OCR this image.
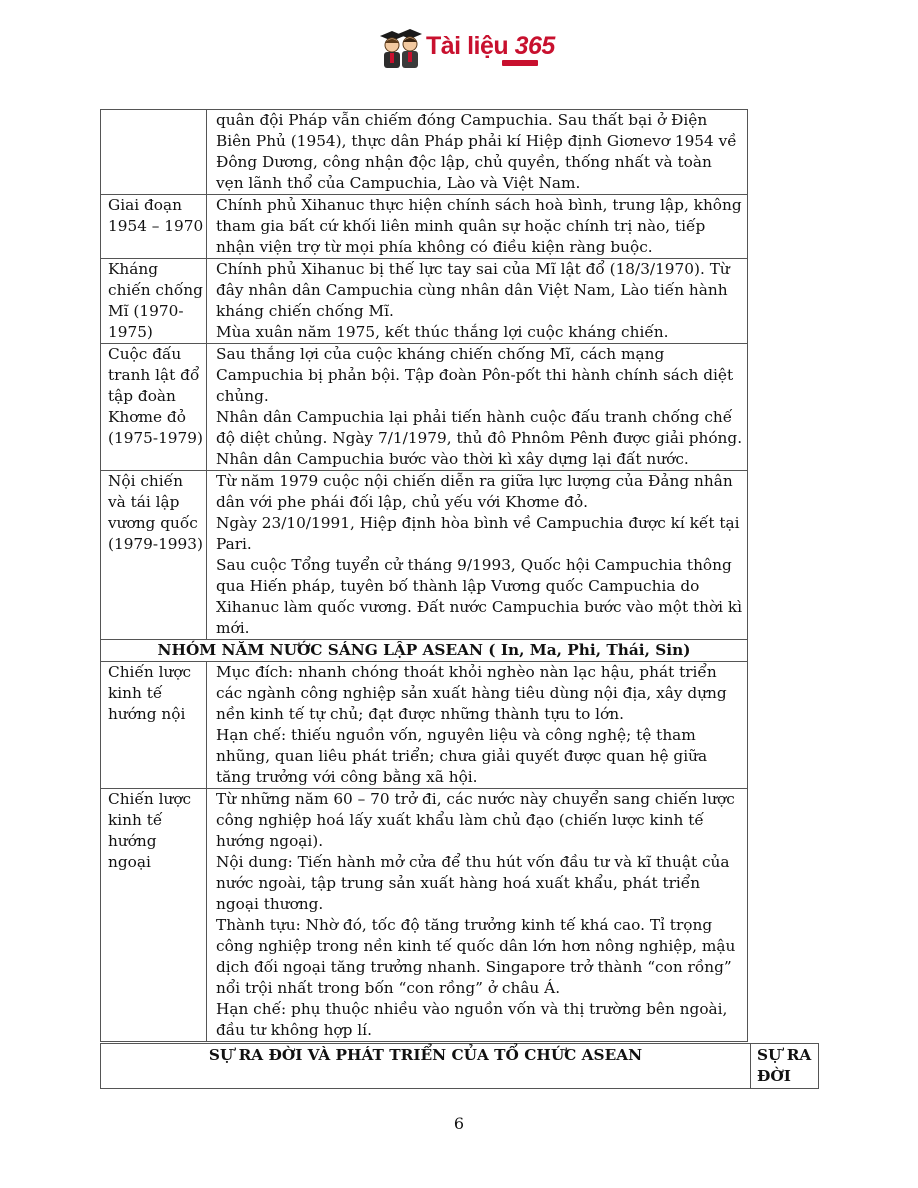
Tài liệu 365

	quân đội Pháp vẫn chiếm đóng Campuchia. Sau thất bại ở Điện Biên Phủ (1954), thực dân Pháp phải kí Hiệp định Giơnevơ 1954 về Đông Dương, công nhận độc lập, chủ quyền, thống nhất và toàn vẹn lãnh thổ của Campuchia, Lào và Việt Nam.

Giai đoạn 1954 – 1970	Chính phủ Xihanuc thực hiện chính sách hoà bình, trung lập, không tham gia bất cứ khối liên minh quân sự hoặc chính trị nào, tiếp nhận viện trợ từ mọi phía không có điều kiện ràng buộc.

Kháng chiến chống Mĩ (1970-1975)	Chính phủ Xihanuc bị thế lực tay sai của Mĩ lật đổ (18/3/1970). Từ đây nhân dân Campuchia cùng nhân dân Việt Nam, Lào tiến hành kháng chiến chống Mĩ.
Mùa xuân năm 1975, kết thúc thắng lợi cuộc kháng chiến.

Cuộc đấu tranh lật đổ tập đoàn Khơme đỏ (1975-1979)	Sau thắng lợi của cuộc kháng chiến chống Mĩ, cách mạng Campuchia bị phản bội. Tập đoàn Pôn-pốt thi hành chính sách diệt chủng.
Nhân dân Campuchia lại phải tiến hành cuộc đấu tranh chống chế độ diệt chủng. Ngày 7/1/1979, thủ đô Phnôm Pênh được giải phóng. Nhân dân Campuchia bước vào thời kì xây dựng lại đất nước.

Nội chiến và tái lập vương quốc (1979-1993)	Từ năm 1979 cuộc nội chiến diễn ra giữa lực lượng của Đảng nhân dân với phe phái đối lập, chủ yếu với Khơme đỏ.
Ngày 23/10/1991, Hiệp định hòa bình về Campuchia được kí kết tại Pari.
Sau cuộc Tổng tuyển cử tháng 9/1993, Quốc hội Campuchia thông qua Hiến pháp, tuyên bố thành lập Vương quốc Campuchia do Xihanuc làm quốc vương. Đất nước Campuchia bước vào một thời kì mới.

NHÓM NĂM NƯỚC SÁNG LẬP ASEAN ( In, Ma, Phi, Thái, Sin)	
Chiến lược kinh tế hướng nội	Mục đích: nhanh chóng thoát khỏi nghèo nàn lạc hậu, phát triển các ngành công nghiệp sản xuất hàng tiêu dùng nội địa, xây dựng nền kinh tế tự chủ; đạt được những thành tựu to lớn.
Hạn chế: thiếu nguồn vốn, nguyên liệu và công nghệ; tệ tham nhũng, quan liêu phát triển; chưa giải quyết được quan hệ giữa tăng trưởng với công bằng xã hội.

Chiến lược kinh tế hướng ngoại	Từ những năm 60 – 70 trở đi, các nước này chuyển sang chiến lược công nghiệp hoá lấy xuất khẩu làm chủ đạo (chiến lược kinh tế hướng ngoại).
Nội dung: Tiến hành mở cửa để thu hút vốn đầu tư và kĩ thuật của nước ngoài, tập trung sản xuất hàng hoá xuất khẩu, phát triển ngoại thương.
Thành tựu: Nhờ đó, tốc độ tăng trưởng kinh tế khá cao. Tỉ trọng công nghiệp trong nền kinh tế quốc dân lớn hơn nông nghiệp, mậu dịch đối ngoại tăng trưởng nhanh. Singapore trở thành “con rồng” nổi trội nhất trong bốn “con rồng” ở châu Á.
Hạn chế: phụ thuộc nhiều vào nguồn vốn và thị trường bên ngoài, đầu tư không hợp lí.
SỰ RA ĐỜI VÀ PHÁT TRIỂN CỦA TỔ CHỨC ASEAN	SỰ RA ĐỜI
6
